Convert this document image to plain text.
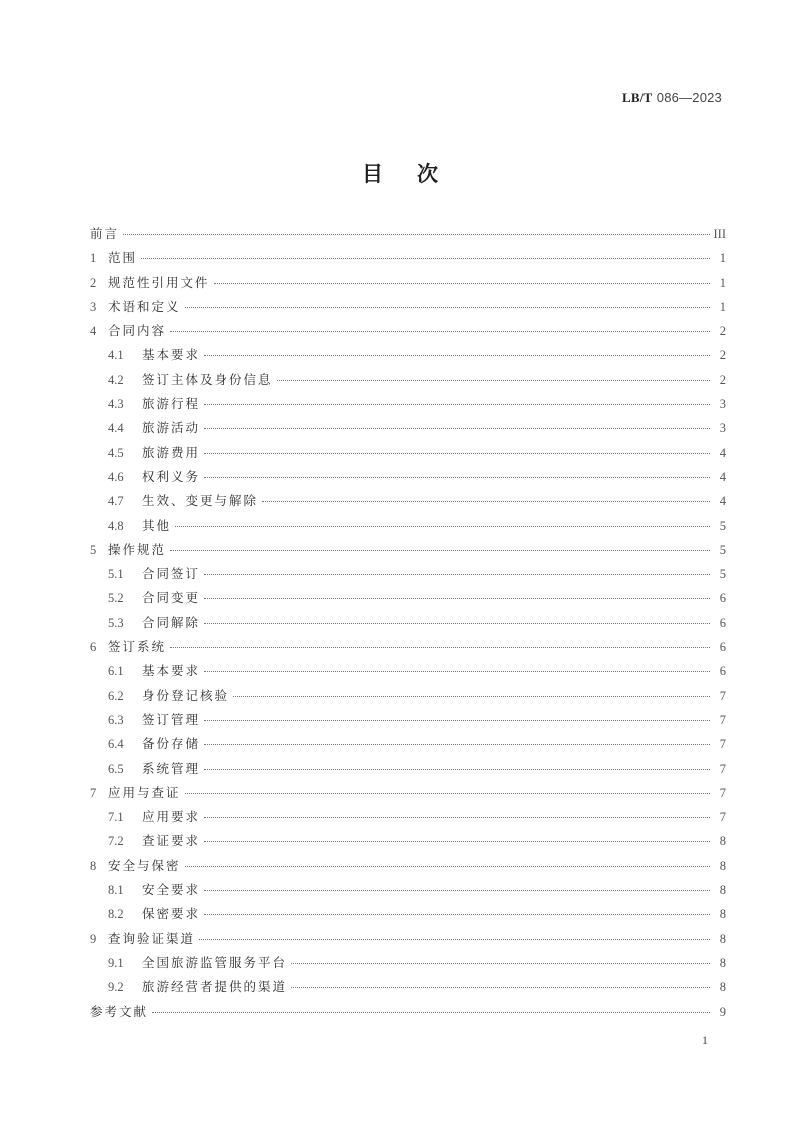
LB/T 086—2023
目次
前言	III
1 范围	1
2 规范性引用文件	1
3 术语和定义	1
4 合同内容	2
4.1	基本要求	2
4.2	签订主体及身份信息	2
4.3	旅游行程	3
4.4	旅游活动	3
4.5	旅游费用	4
4.6	权利义务	4
4.7	生效、变更与解除	4
4.8	其他	5
5 操作规范	5
5.1	合同签订	5
5.2	合同变更	6
5.3	合同解除	6
6 签订系统	6
6.1	基本要求	6
6.2	身份登记核验	7
6.3	签订管理	7
6.4	备份存储	7
6.5	系统管理	7
7 应用与查证	7
7.1	应用要求	7
7.2	查证要求	8
8 安全与保密	8
8.1	安全要求	8
8.2	保密要求	8
9 查询验证渠道	8
9.1	全国旅游监管服务平台	8
9.2	旅游经营者提供的渠道	8
参考文献	9
1
